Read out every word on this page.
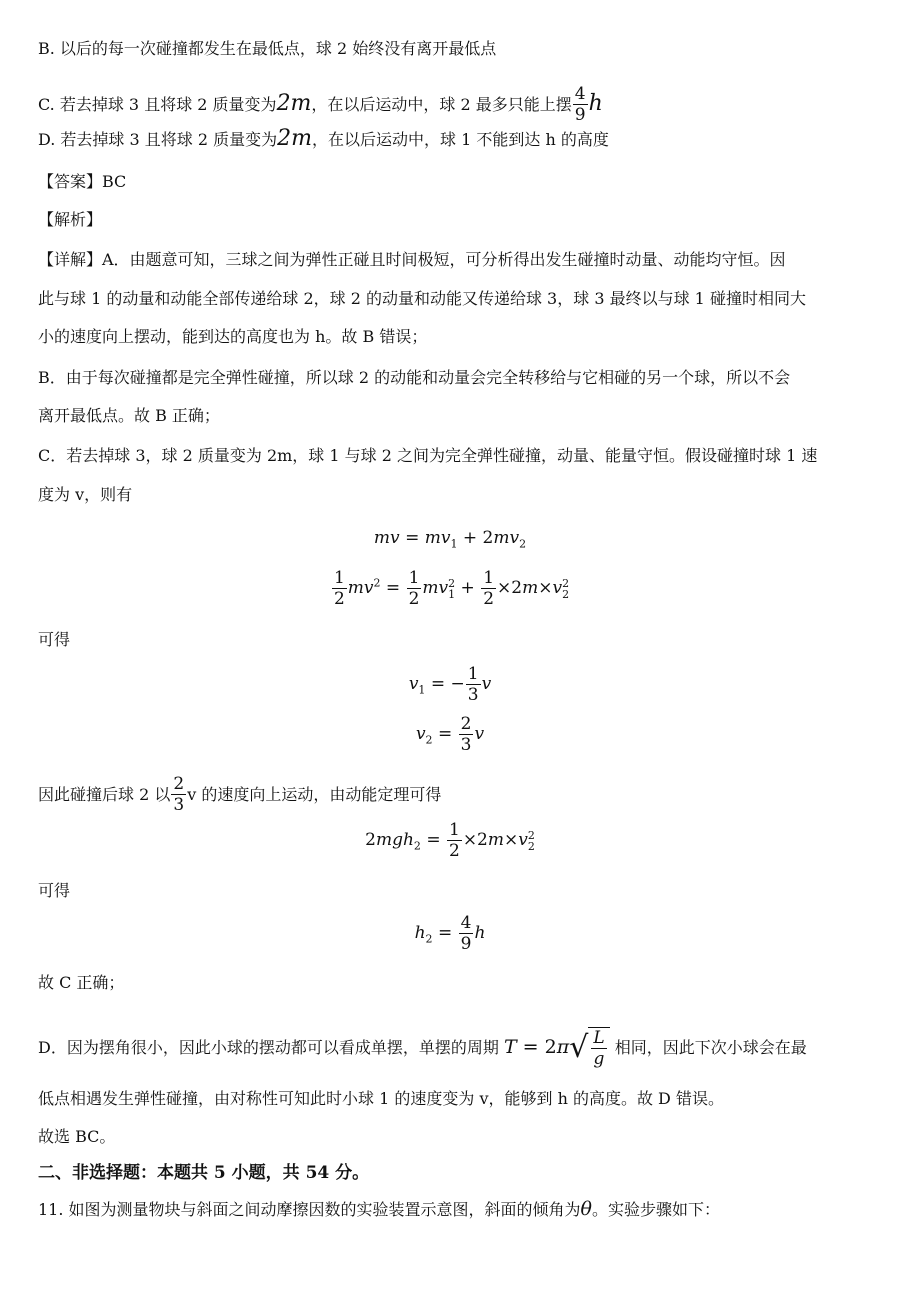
B. 以后的每一次碰撞都发生在最低点，球 2 始终没有离开最低点
C. 若去掉球 3 且将球 2 质量变为2m，在以后运动中，球 2 最多只能上摆 $\frac{4}{9}$ h
D. 若去掉球 3 且将球 2 质量变为2m，在以后运动中，球 1 不能到达 h 的高度
【答案】BC
【解析】
【详解】A．由题意可知，三球之间为弹性正碰且时间极短，可分析得出发生碰撞时动量、动能均守恒。因
此与球 1 的动量和动能全部传递给球 2，球 2 的动量和动能又传递给球 3，球 3 最终以与球 1 碰撞时相同大
小的速度向上摆动，能到达的高度也为 h。故 B 错误；
B．由于每次碰撞都是完全弹性碰撞，所以球 2 的动能和动量会完全转移给与它相碰的另一个球，所以不会
离开最低点。故 B 正确；
C．若去掉球 3，球 2 质量变为 2m，球 1 与球 2 之间为完全弹性碰撞，动量、能量守恒。假设碰撞时球 1 速
度为 v，则有
mv = $mv_1 + 2mv_2$
$\frac{1}{2} mv^2 = \frac{1}{2}$ mv 2
$1 + \frac{1}{2} \times 2m\times v$ 2
2
可得
$v_1$ = − $\frac{1}{3}$ v
$v_2 = \frac{2}{3}$ v
因此碰撞后球 2 以 $\frac{2}{3}$ v 的速度向上运动，由动能定理可得
$2mgh_2 = \frac{1}{2} \times 2m\times v$ 2
2
可得
$h_2 = \frac{4}{9}$ h
故 C 正确；
D．因为摆角很小，因此小球的摆动都可以看成单摆，单摆的周期 $T = 2\pi√ \frac{L}{g}$ 相同，因此下次小球会在最
低点相遇发生弹性碰撞，由对称性可知此时小球 1 的速度变为 v，能够到 h 的高度。故 D 错误。
故选 BC。
二、非选择题：本题共 5 小题，共 54 分。
11. 如图为测量物块与斜面之间动摩擦因数的实验装置示意图，斜面的倾角为θ。实验步骤如下：
